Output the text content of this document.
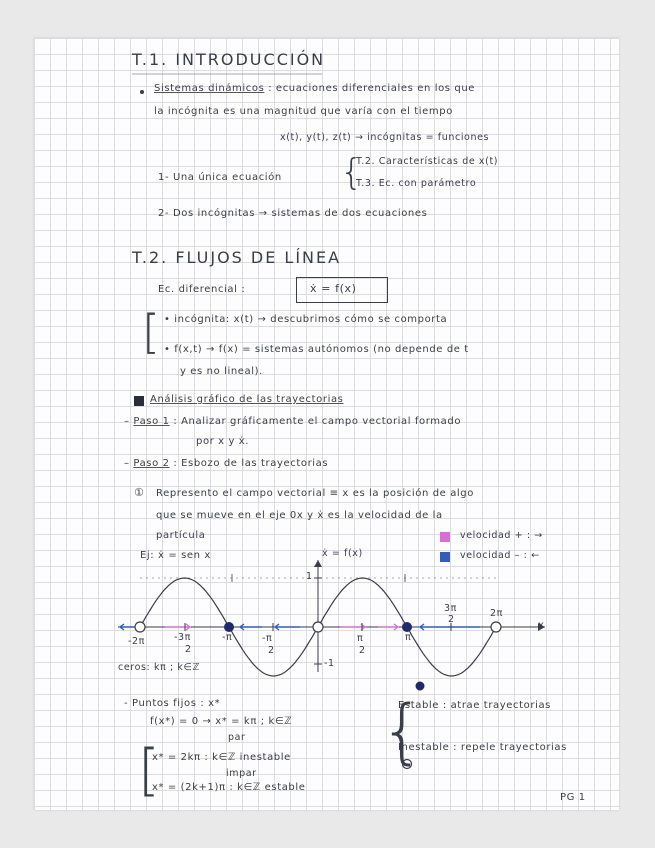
T.1. INTRODUCCIÓN
Sistemas dinámicos : ecuaciones diferenciales en los que
la incógnita es una magnitud que varía con el tiempo
x(t), y(t), z(t) → incógnitas = funciones
1- Una única ecuación {
T.2. Características de x(t)
T.3. Ec. con parámetro
2- Dos incógnitas → sistemas de dos ecuaciones
T.2. FLUJOS DE LÍNEA
Ec. diferencial :	ẋ = f(x)
[ • incógnita: x(t) → descubrimos cómo se comporta
• f(x,t) → f(x) = sistemas autónomos (no depende de t
y es no lineal).
Análisis gráfico de las trayectorias
– Paso 1 : Analizar gráficamente el campo vectorial formado
por x y ẋ.
– Paso 2 : Esbozo de las trayectorias
① Represento el campo vectorial ≡ x es la posición de algo
que se mueve en el eje 0x y ẋ es la velocidad de la
partícula	velocidad + : →
velocidad – : ←
Ej: ẋ = sen x	ẋ = f(x)
1
-1
x
-2π	-3π
2
-π	-π
2
π
2
π
3π
2
2π
ceros: kπ ; k∈ℤ
- Puntos fijos : x*
f(x*) = 0 → x* = kπ ; k∈ℤ
par
[
x* = 2kπ : k∈ℤ inestable
impar
x* = (2k+1)π : k∈ℤ estable
{
Estable : atrae trayectorias
Inestable : repele trayectorias
PG 1
